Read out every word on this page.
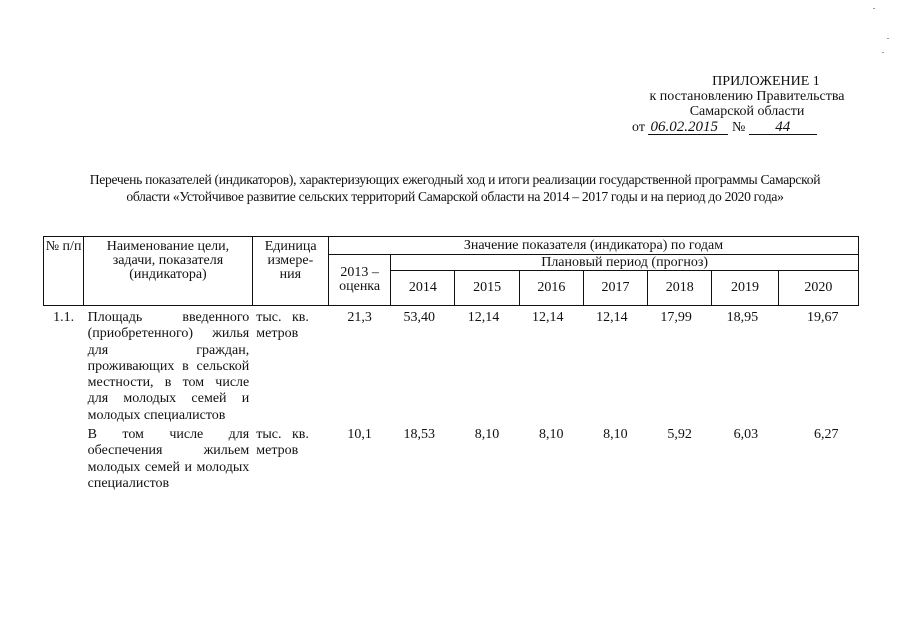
ПРИЛОЖЕНИЕ 1
к постановлению Правительства
Самарской области
от 06.02.2015 № 44
Перечень показателей (индикаторов), характеризующих ежегодный ход и итоги реализации государственной программы Самарской
области «Устойчивое развитие сельских территорий Самарской области на 2014 – 2017 годы и на период до 2020 года»
№ п/п	Наименование цели, задачи, показателя (индикатора)	Единица измере-ния	Значение показателя (индикатора) по годам							
			2013 – оценка	Плановый период (прогноз)						
				2014	2015	2016	2017	2018	2019	2020
1.1.	Площадь введенного (приобретенного) жилья для граждан, проживающих в сельской местности, в том числе для молодых семей и молодых специалистов	тыс.   кв.
метров	21,3	53,40	12,14	12,14	12,14	17,99	18,95	19,67
	В том числе для обеспечения жильем молодых семей и молодых специалистов	тыс.   кв.
метров	10,1	18,53	8,10	8,10	8,10	5,92	6,03	6,27
